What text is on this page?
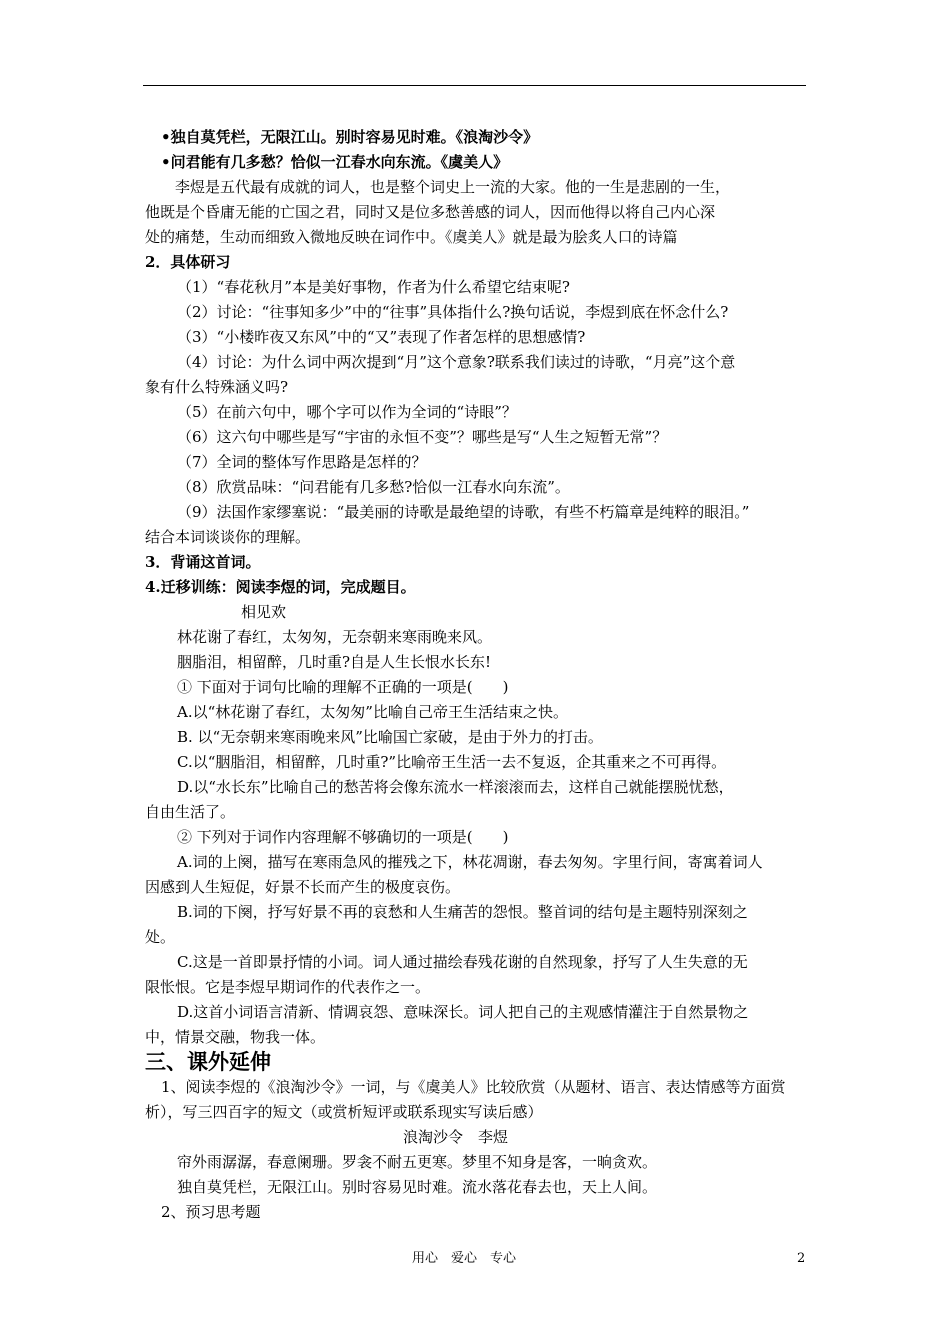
•独自莫凭栏，无限江山。别时容易见时难。《浪淘沙令》
•问君能有几多愁？恰似一江春水向东流。《虞美人》
李煜是五代最有成就的词人，也是整个词史上一流的大家。他的一生是悲剧的一生，
他既是个昏庸无能的亡国之君，同时又是位多愁善感的词人，因而他得以将自己内心深
处的痛楚，生动而细致入微地反映在词作中。《虞美人》就是最为脍炙人口的诗篇
2．具体研习
（1）“春花秋月”本是美好事物，作者为什么希望它结束呢?
（2）讨论：“往事知多少”中的“往事”具体指什么?换句话说，李煜到底在怀念什么?
（3）“小楼昨夜又东风”中的“又”表现了作者怎样的思想感情?
（4）讨论：为什么词中两次提到“月”这个意象?联系我们读过的诗歌，“月亮”这个意
象有什么特殊涵义吗?
（5）在前六句中，哪个字可以作为全词的“诗眼”？
（6）这六句中哪些是写“宇宙的永恒不变”？哪些是写“人生之短暂无常”？
（7）全词的整体写作思路是怎样的？
（8）欣赏品味：“问君能有几多愁?恰似一江春水向东流”。
（9）法国作家缪塞说：“最美丽的诗歌是最绝望的诗歌，有些不朽篇章是纯粹的眼泪。”
结合本词谈谈你的理解。
3．背诵这首词。
4.迁移训练：阅读李煜的词，完成题目。
相见欢
林花谢了春红，太匆匆，无奈朝来寒雨晚来风。
胭脂泪，相留醉，几时重?自是人生长恨水长东!
① 下面对于词句比喻的理解不正确的一项是(　　)
A.以“林花谢了春红，太匆匆”比喻自己帝王生活结束之快。
B. 以“无奈朝来寒雨晚来风”比喻国亡家破，是由于外力的打击。
C.以“胭脂泪，相留醉，几时重?”比喻帝王生活一去不复返，企其重来之不可再得。
D.以“水长东”比喻自己的愁苦将会像东流水一样滚滚而去，这样自己就能摆脱忧愁，
自由生活了。
② 下列对于词作内容理解不够确切的一项是(　　)
A.词的上阕，描写在寒雨急风的摧残之下，林花凋谢，春去匆匆。字里行间，寄寓着词人
因感到人生短促，好景不长而产生的极度哀伤。
B.词的下阕，抒写好景不再的哀愁和人生痛苦的怨恨。整首词的结句是主题特别深刻之
处。
C.这是一首即景抒情的小词。词人通过描绘春残花谢的自然现象，抒写了人生失意的无
限怅恨。它是李煜早期词作的代表作之一。
D.这首小词语言清新、情调哀怨、意味深长。词人把自己的主观感情灌注于自然景物之
中，情景交融，物我一体。
三、课外延伸
1、阅读李煜的《浪淘沙令》一词，与《虞美人》比较欣赏（从题材、语言、表达情感等方面赏
析），写三四百字的短文（或赏析短评或联系现实写读后感）
浪淘沙令　李煜
帘外雨潺潺，春意阑珊。罗衾不耐五更寒。梦里不知身是客，一晌贪欢。
独自莫凭栏，无限江山。别时容易见时难。流水落花春去也，天上人间。
2、预习思考题
用心　爱心　专心	2
